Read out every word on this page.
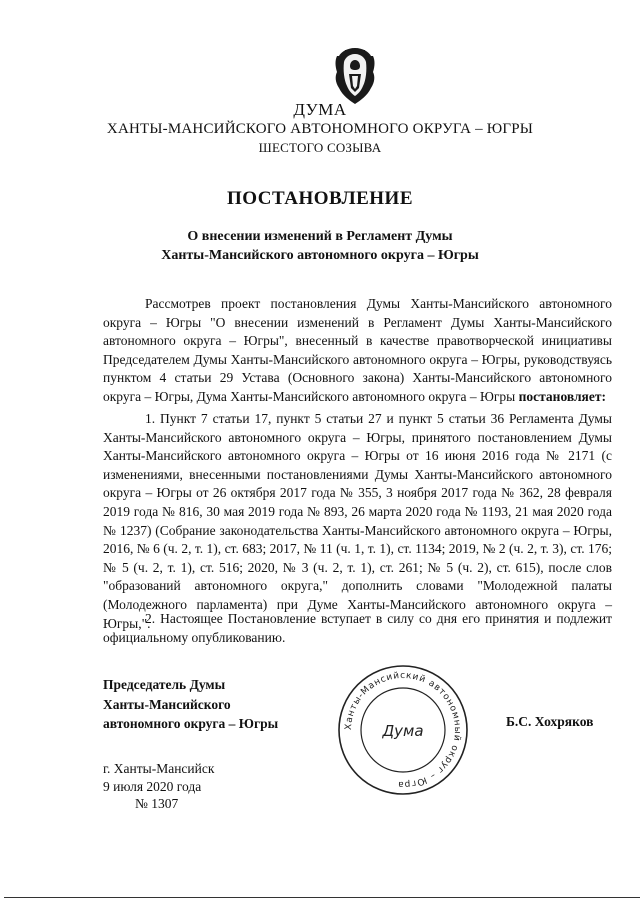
ДУМА
ХАНТЫ-МАНСИЙСКОГО АВТОНОМНОГО ОКРУГА – ЮГРЫ
ШЕСТОГО СОЗЫВА
ПОСТАНОВЛЕНИЕ
О внесении изменений в Регламент Думы
Ханты-Мансийского автономного округа – Югры
Рассмотрев проект постановления Думы Ханты-Мансийского автономного округа – Югры "О внесении изменений в Регламент Думы Ханты-Мансийского автономного округа – Югры", внесенный в качестве правотворческой инициативы Председателем Думы Ханты-Мансийского автономного округа – Югры, руководствуясь пунктом 4 статьи 29 Устава (Основного закона) Ханты-Мансийского автономного округа – Югры, Дума Ханты-Мансийского автономного округа – Югры постановляет:
1. Пункт 7 статьи 17, пункт 5 статьи 27 и пункт 5 статьи 36 Регламента Думы Ханты-Мансийского автономного округа – Югры, принятого постановлением Думы Ханты-Мансийского автономного округа – Югры от 16 июня 2016 года № 2171 (с изменениями, внесенными постановлениями Думы Ханты-Мансийского автономного округа – Югры от 26 октября 2017 года № 355, 3 ноября 2017 года № 362, 28 февраля 2019 года № 816, 30 мая 2019 года № 893, 26 марта 2020 года № 1193, 21 мая 2020 года № 1237) (Собрание законодательства Ханты-Мансийского автономного округа – Югры, 2016, № 6 (ч. 2, т. 1), ст. 683; 2017, № 11 (ч. 1, т. 1), ст. 1134; 2019, № 2 (ч. 2, т. 3), ст. 176; № 5 (ч. 2, т. 1), ст. 516; 2020, № 3 (ч. 2, т. 1), ст. 261; № 5 (ч. 2), ст. 615), после слов "образований автономного округа," дополнить словами "Молодежной палаты (Молодежного парламента) при Думе Ханты-Мансийского автономного округа – Югры,".
2. Настоящее Постановление вступает в силу со дня его принятия и подлежит официальному опубликованию.
Председатель Думы
Ханты-Мансийского
автономного округа – Югры	Ханты-Мансийский автономный округ – Югра
Дума
Б.С. Хохряков
г. Ханты-Мансийск
9 июля 2020 года
№ 1307
